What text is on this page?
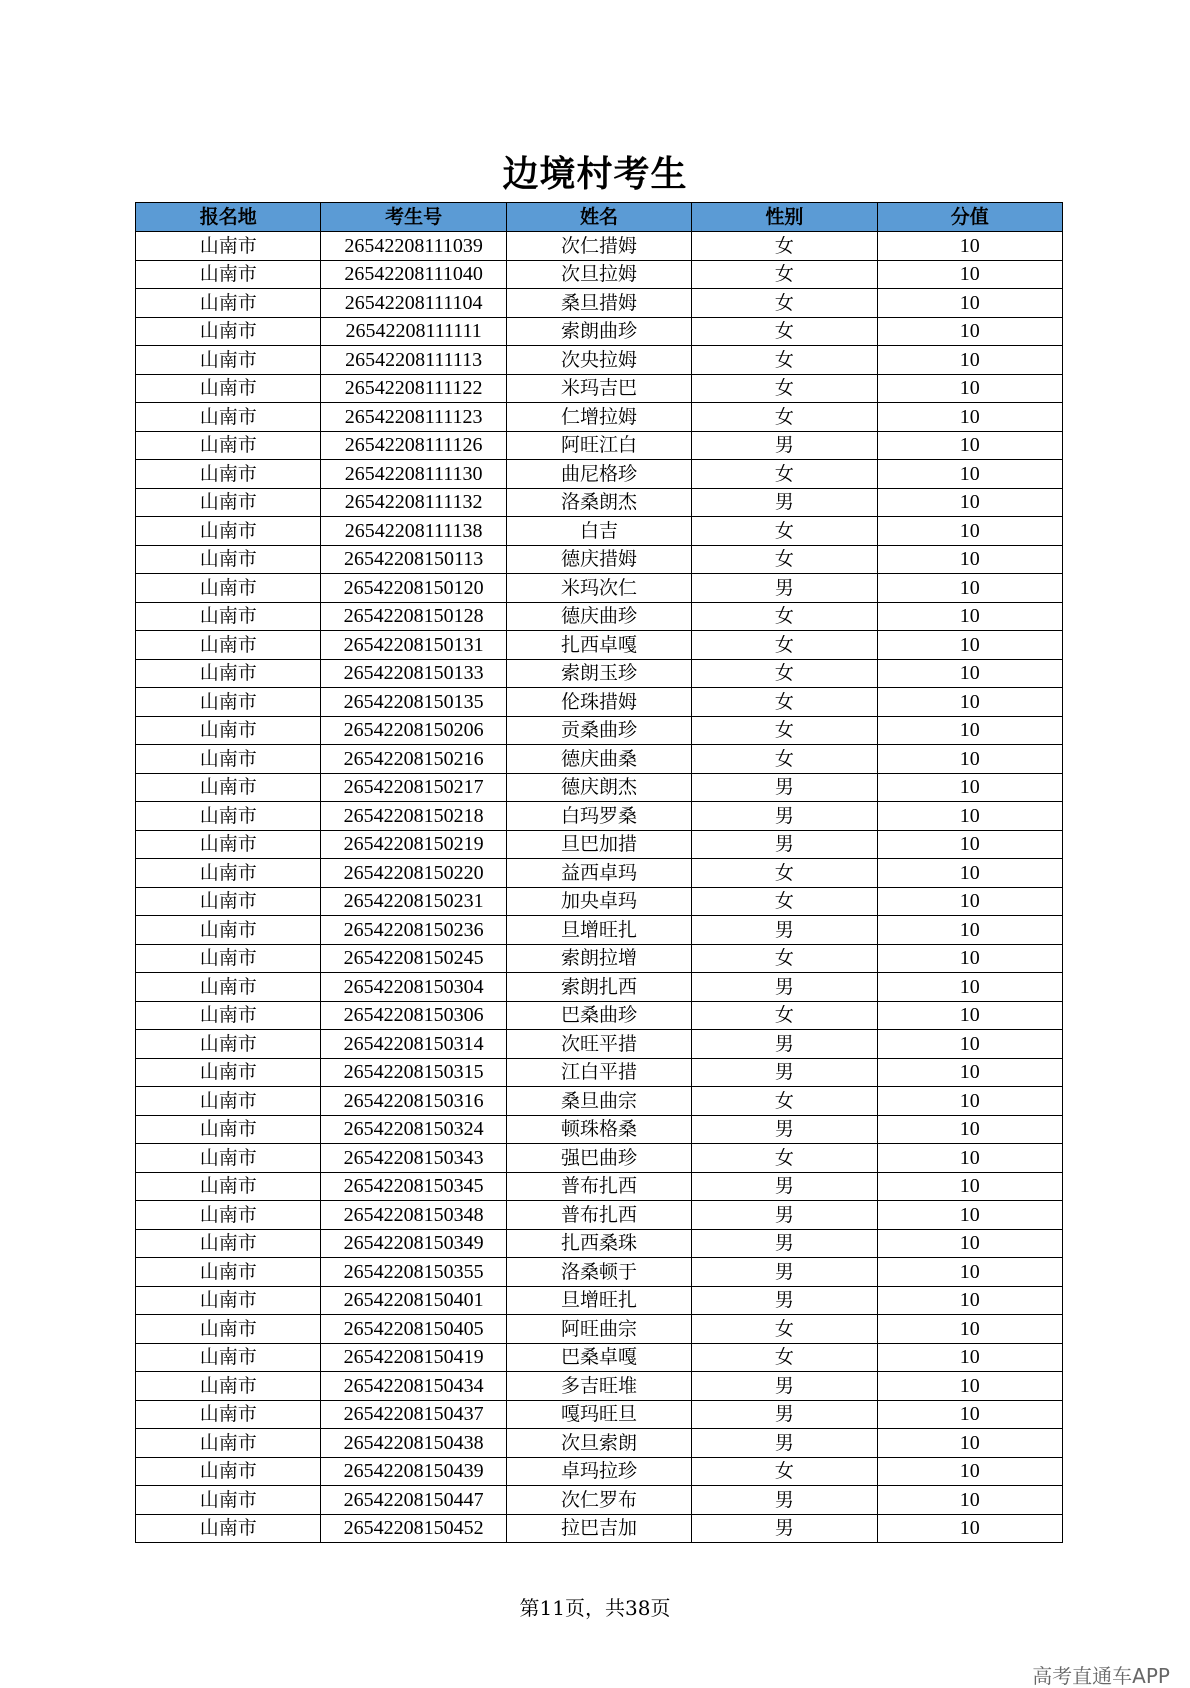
边境村考生
报名地	考生号	姓名	性别	分值
山南市	26542208111039	次仁措姆	女	10
山南市	26542208111040	次旦拉姆	女	10
山南市	26542208111104	桑旦措姆	女	10
山南市	26542208111111	索朗曲珍	女	10
山南市	26542208111113	次央拉姆	女	10
山南市	26542208111122	米玛吉巴	女	10
山南市	26542208111123	仁增拉姆	女	10
山南市	26542208111126	阿旺江白	男	10
山南市	26542208111130	曲尼格珍	女	10
山南市	26542208111132	洛桑朗杰	男	10
山南市	26542208111138	白吉	女	10
山南市	26542208150113	德庆措姆	女	10
山南市	26542208150120	米玛次仁	男	10
山南市	26542208150128	德庆曲珍	女	10
山南市	26542208150131	扎西卓嘎	女	10
山南市	26542208150133	索朗玉珍	女	10
山南市	26542208150135	伦珠措姆	女	10
山南市	26542208150206	贡桑曲珍	女	10
山南市	26542208150216	德庆曲桑	女	10
山南市	26542208150217	德庆朗杰	男	10
山南市	26542208150218	白玛罗桑	男	10
山南市	26542208150219	旦巴加措	男	10
山南市	26542208150220	益西卓玛	女	10
山南市	26542208150231	加央卓玛	女	10
山南市	26542208150236	旦增旺扎	男	10
山南市	26542208150245	索朗拉增	女	10
山南市	26542208150304	索朗扎西	男	10
山南市	26542208150306	巴桑曲珍	女	10
山南市	26542208150314	次旺平措	男	10
山南市	26542208150315	江白平措	男	10
山南市	26542208150316	桑旦曲宗	女	10
山南市	26542208150324	顿珠格桑	男	10
山南市	26542208150343	强巴曲珍	女	10
山南市	26542208150345	普布扎西	男	10
山南市	26542208150348	普布扎西	男	10
山南市	26542208150349	扎西桑珠	男	10
山南市	26542208150355	洛桑顿于	男	10
山南市	26542208150401	旦增旺扎	男	10
山南市	26542208150405	阿旺曲宗	女	10
山南市	26542208150419	巴桑卓嘎	女	10
山南市	26542208150434	多吉旺堆	男	10
山南市	26542208150437	嘎玛旺旦	男	10
山南市	26542208150438	次旦索朗	男	10
山南市	26542208150439	卓玛拉珍	女	10
山南市	26542208150447	次仁罗布	男	10
山南市	26542208150452	拉巴吉加	男	10
第11页，共38页
高考直通车APP
